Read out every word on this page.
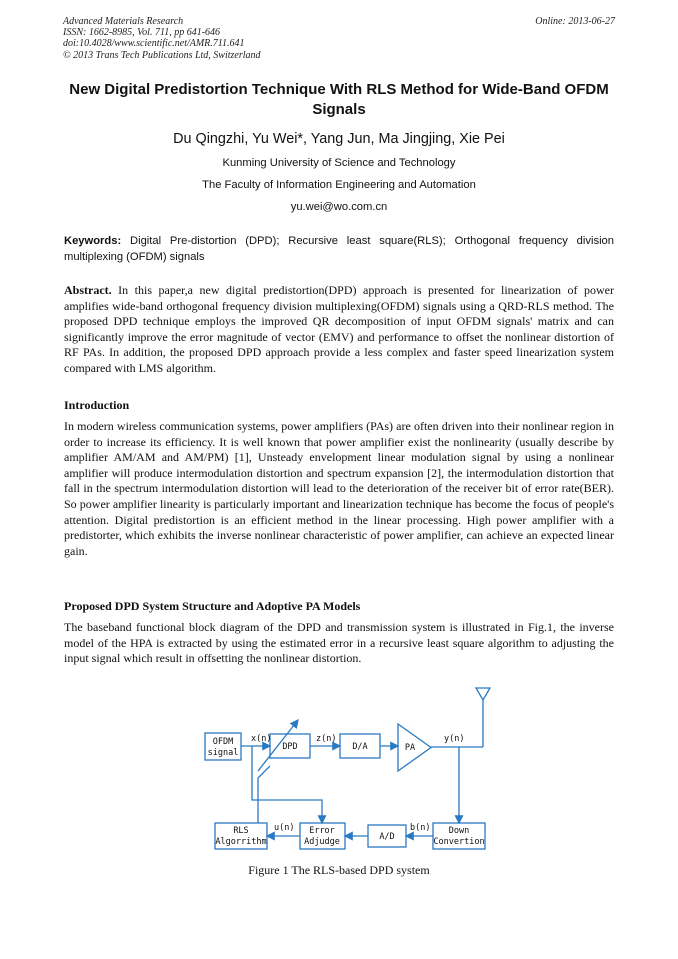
Advanced Materials Research
ISSN: 1662-8985, Vol. 711, pp 641-646
doi:10.4028/www.scientific.net/AMR.711.641
© 2013 Trans Tech Publications Ltd, Switzerland
Online: 2013-06-27
New Digital Predistortion Technique With RLS Method for Wide-Band OFDM Signals
Du Qingzhi, Yu Wei*, Yang Jun, Ma Jingjing, Xie Pei
Kunming University of Science and Technology
The Faculty of Information Engineering and Automation
yu.wei@wo.com.cn
Keywords: Digital Pre-distortion (DPD); Recursive least square(RLS); Orthogonal frequency division multiplexing (OFDM) signals
Abstract. In this paper,a new digital predistortion(DPD) approach is presented for linearization of power amplifies wide-band orthogonal frequency division multiplexing(OFDM) signals using a QRD-RLS method. The proposed DPD technique employs the improved QR decomposition of input OFDM signals' matrix and can significantly improve the error magnitude of vector (EMV) and performance to offset the nonlinear distortion of RF PAs. In addition, the proposed DPD approach provide a less complex and faster speed linearization system compared with LMS algorithm.
Introduction
In modern wireless communication systems, power amplifiers (PAs) are often driven into their nonlinear region in order to increase its efficiency. It is well known that power amplifier exist the nonlinearity (usually describe by amplifier AM/AM and AM/PM) [1], Unsteady envelopment linear modulation signal by using a nonlinear amplifier will produce intermodulation distortion and spectrum expansion [2], the intermodulation distortion that fall in the spectrum intermodulation distortion will lead to the deterioration of the receiver bit of error rate(BER). So power amplifier linearity is particularly important and linearization technique has become the focus of people's attention. Digital predistortion is an efficient method in the linear processing. High power amplifier with a predistorter, which exhibits the inverse nonlinear characteristic of power amplifier, can achieve an expected linear gain.
Proposed DPD System Structure and Adoptive PA Models
The baseband functional block diagram of the DPD and transmission system is illustrated in Fig.1, the inverse model of the HPA is extracted by using the estimated error in a recursive least square algorithm to adjusting the input signal which result in offsetting the nonlinear distortion.
OFDM
signal
DPD	D/A	PA
RLS
Algorrithm
Error
Adjudge	A/D
Down
Convertion
x(n)	z(n)	y(n)
u(n)	b(n)
Figure 1 The RLS-based DPD system
